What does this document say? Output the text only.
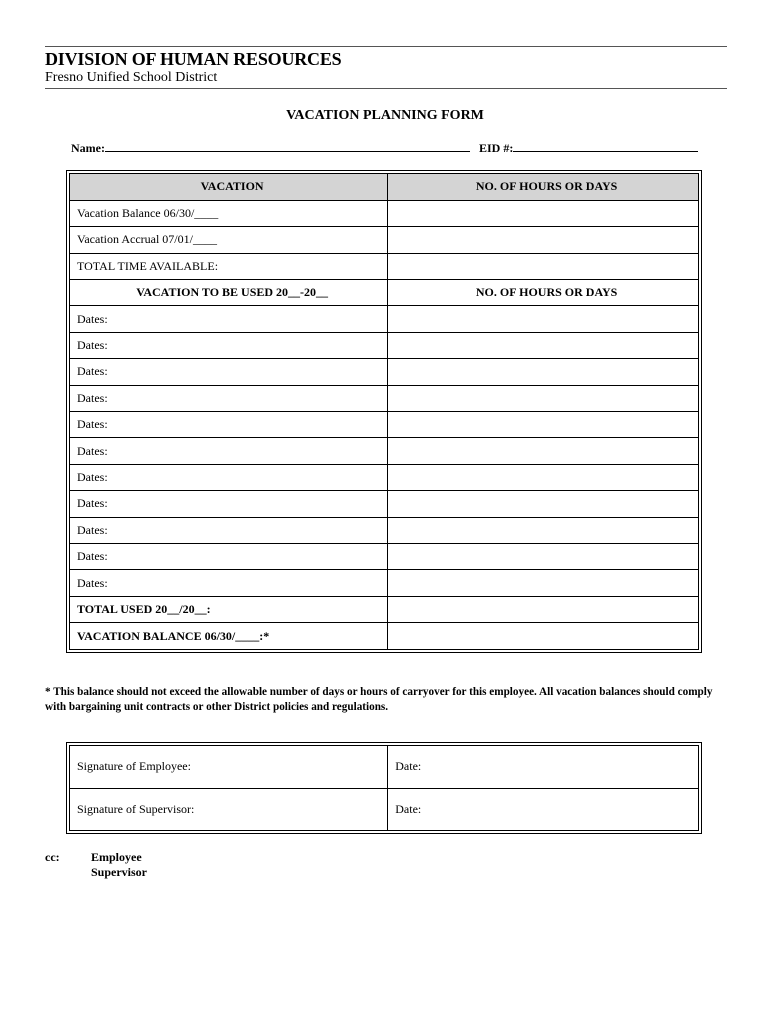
DIVISION OF HUMAN RESOURCES
Fresno Unified School District
VACATION PLANNING FORM
Name:	EID #:
VACATION	NO. OF HOURS OR DAYS
Vacation Balance 06/30/____	
Vacation Accrual 07/01/____	
TOTAL TIME AVAILABLE:	
VACATION TO BE USED 20__-20__	NO. OF HOURS OR DAYS
Dates:	
Dates:	
Dates:	
Dates:	
Dates:	
Dates:	
Dates:	
Dates:	
Dates:	
Dates:	
Dates:	
TOTAL USED 20__/20__:	
VACATION BALANCE 06/30/____:*	
* This balance should not exceed the allowable number of days or hours of carryover for this employee. All vacation balances should comply with bargaining unit contracts or other District policies and regulations.
Signature of Employee:	Date:
Signature of Supervisor:	Date:
cc:	Employee
Supervisor
